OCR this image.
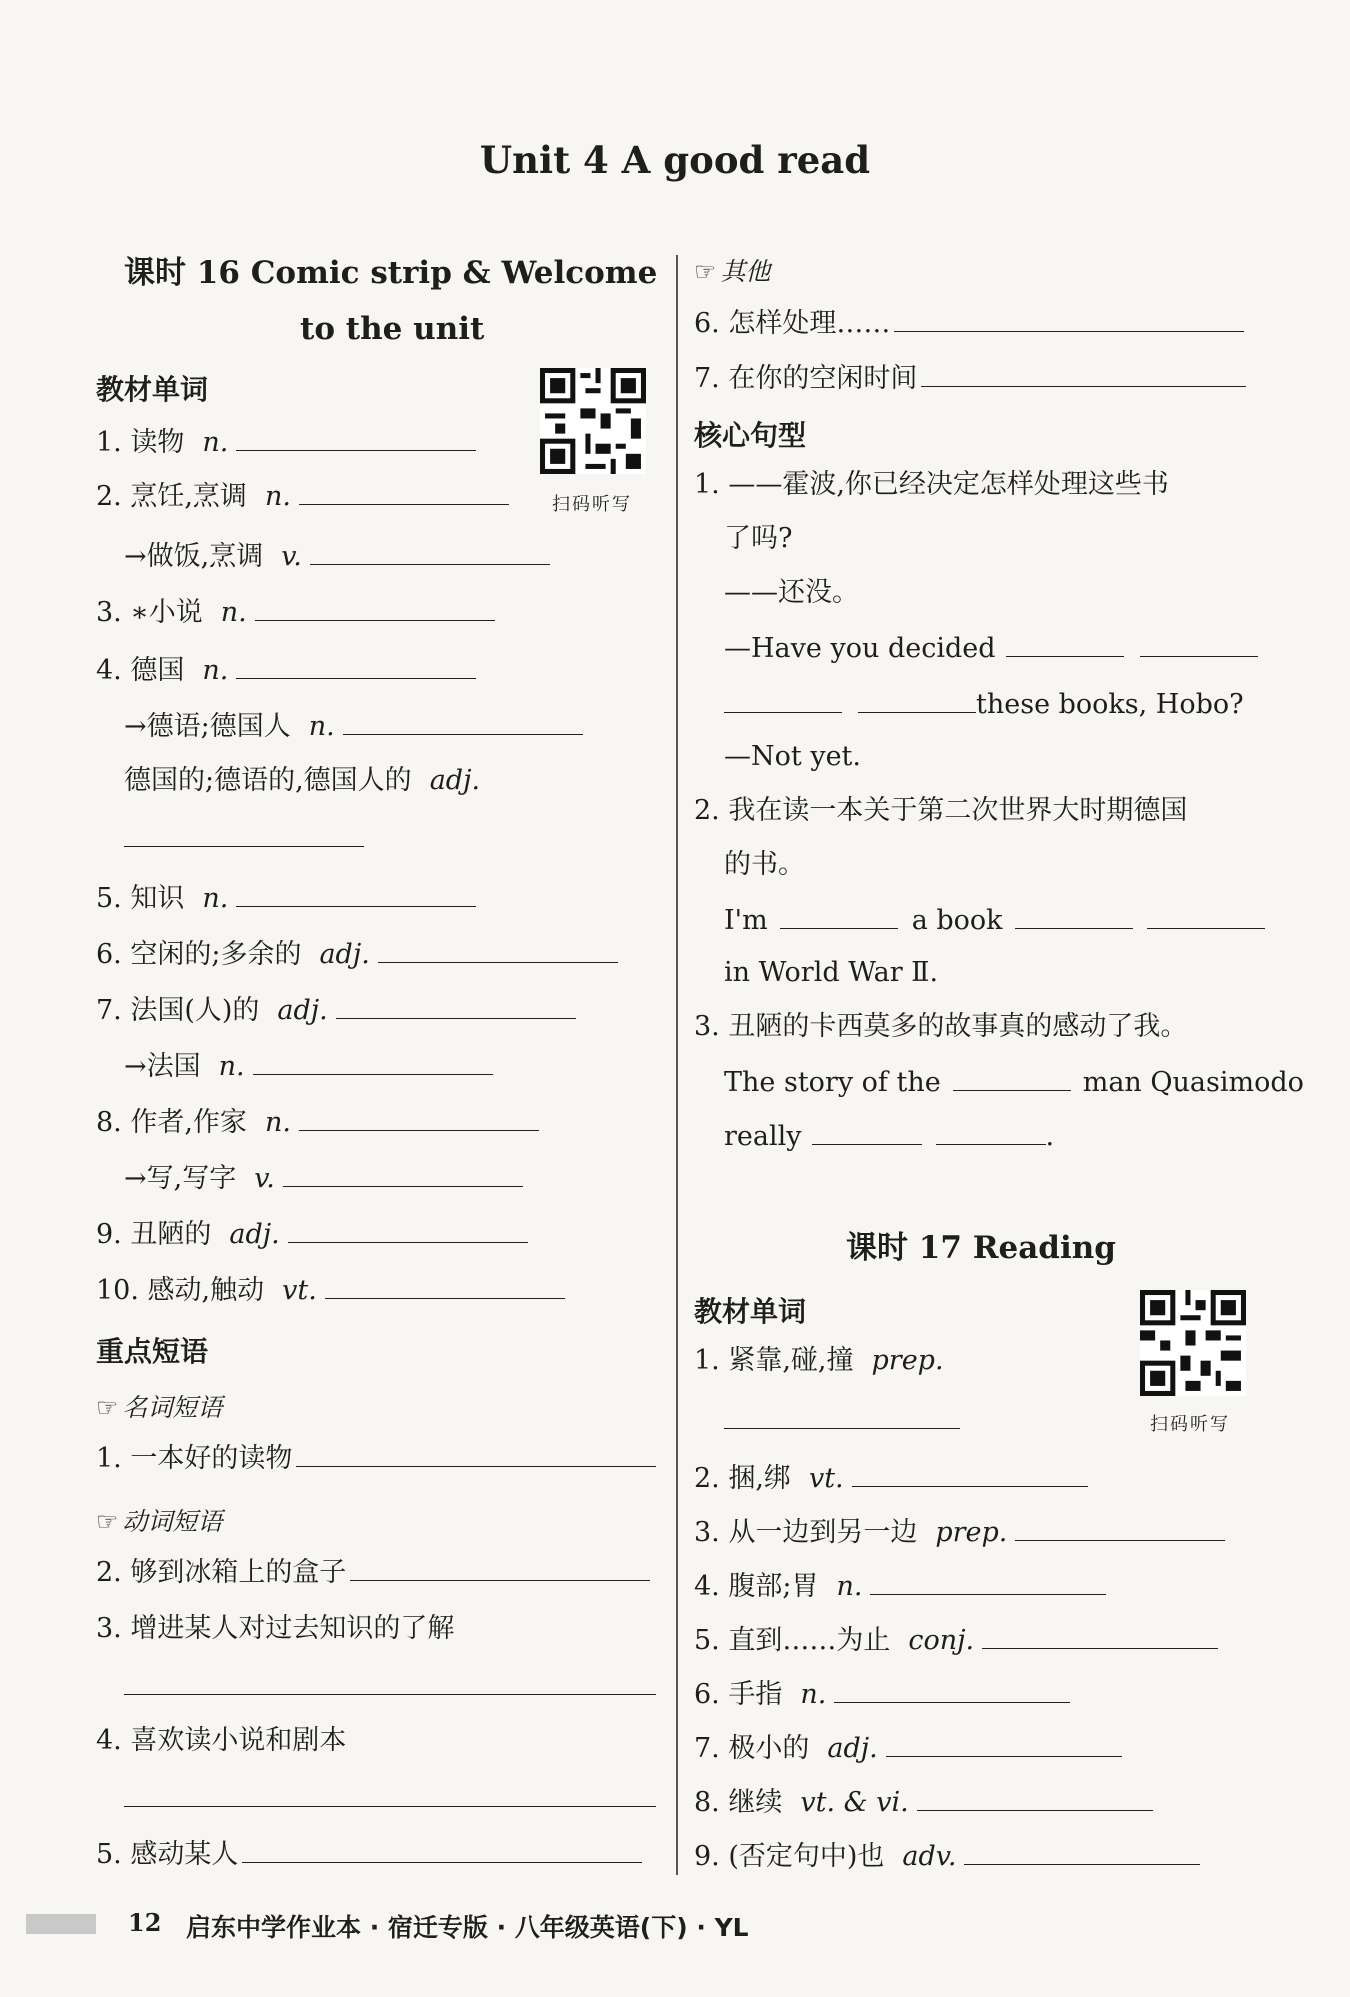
Unit 4 A good read
课时 16 Comic strip & Welcome
to the unit
教材单词
扫码听写
1. 读物 n.
2. 烹饪,烹调 n.
→做饭,烹调 v.
3. ∗小说 n.
4. 德国 n.
→德语;德国人 n.
德国的;德语的,德国人的 adj.
5. 知识 n.
6. 空闲的;多余的 adj.
7. 法国(人)的 adj.
→法国 n.
8. 作者,作家 n.
→写,写字 v.
9. 丑陋的 adj.
10. 感动,触动 vt.
重点短语
☞ 名词短语
1. 一本好的读物
☞ 动词短语
2. 够到冰箱上的盒子
3. 增进某人对过去知识的了解
4. 喜欢读小说和剧本
5. 感动某人
☞ 其他
6. 怎样处理……
7. 在你的空闲时间
核心句型
1. ——霍波,你已经决定怎样处理这些书
了吗?
——还没。
—Have you decided
these books, Hobo?
—Not yet.
2. 我在读一本关于第二次世界大时期德国
的书。
I'm	a book
in World War Ⅱ.
3. 丑陋的卡西莫多的故事真的感动了我。
The story of the	man Quasimodo
really	.
课时 17 Reading
教材单词
扫码听写
1. 紧靠,碰,撞 prep.
2. 捆,绑 vt.
3. 从一边到另一边 prep.
4. 腹部;胃 n.
5. 直到……为止 conj.
6. 手指 n.
7. 极小的 adj.
8. 继续 vt. & vi.
9. (否定句中)也 adv.
12 启东中学作业本 · 宿迁专版 · 八年级英语(下) · YL
